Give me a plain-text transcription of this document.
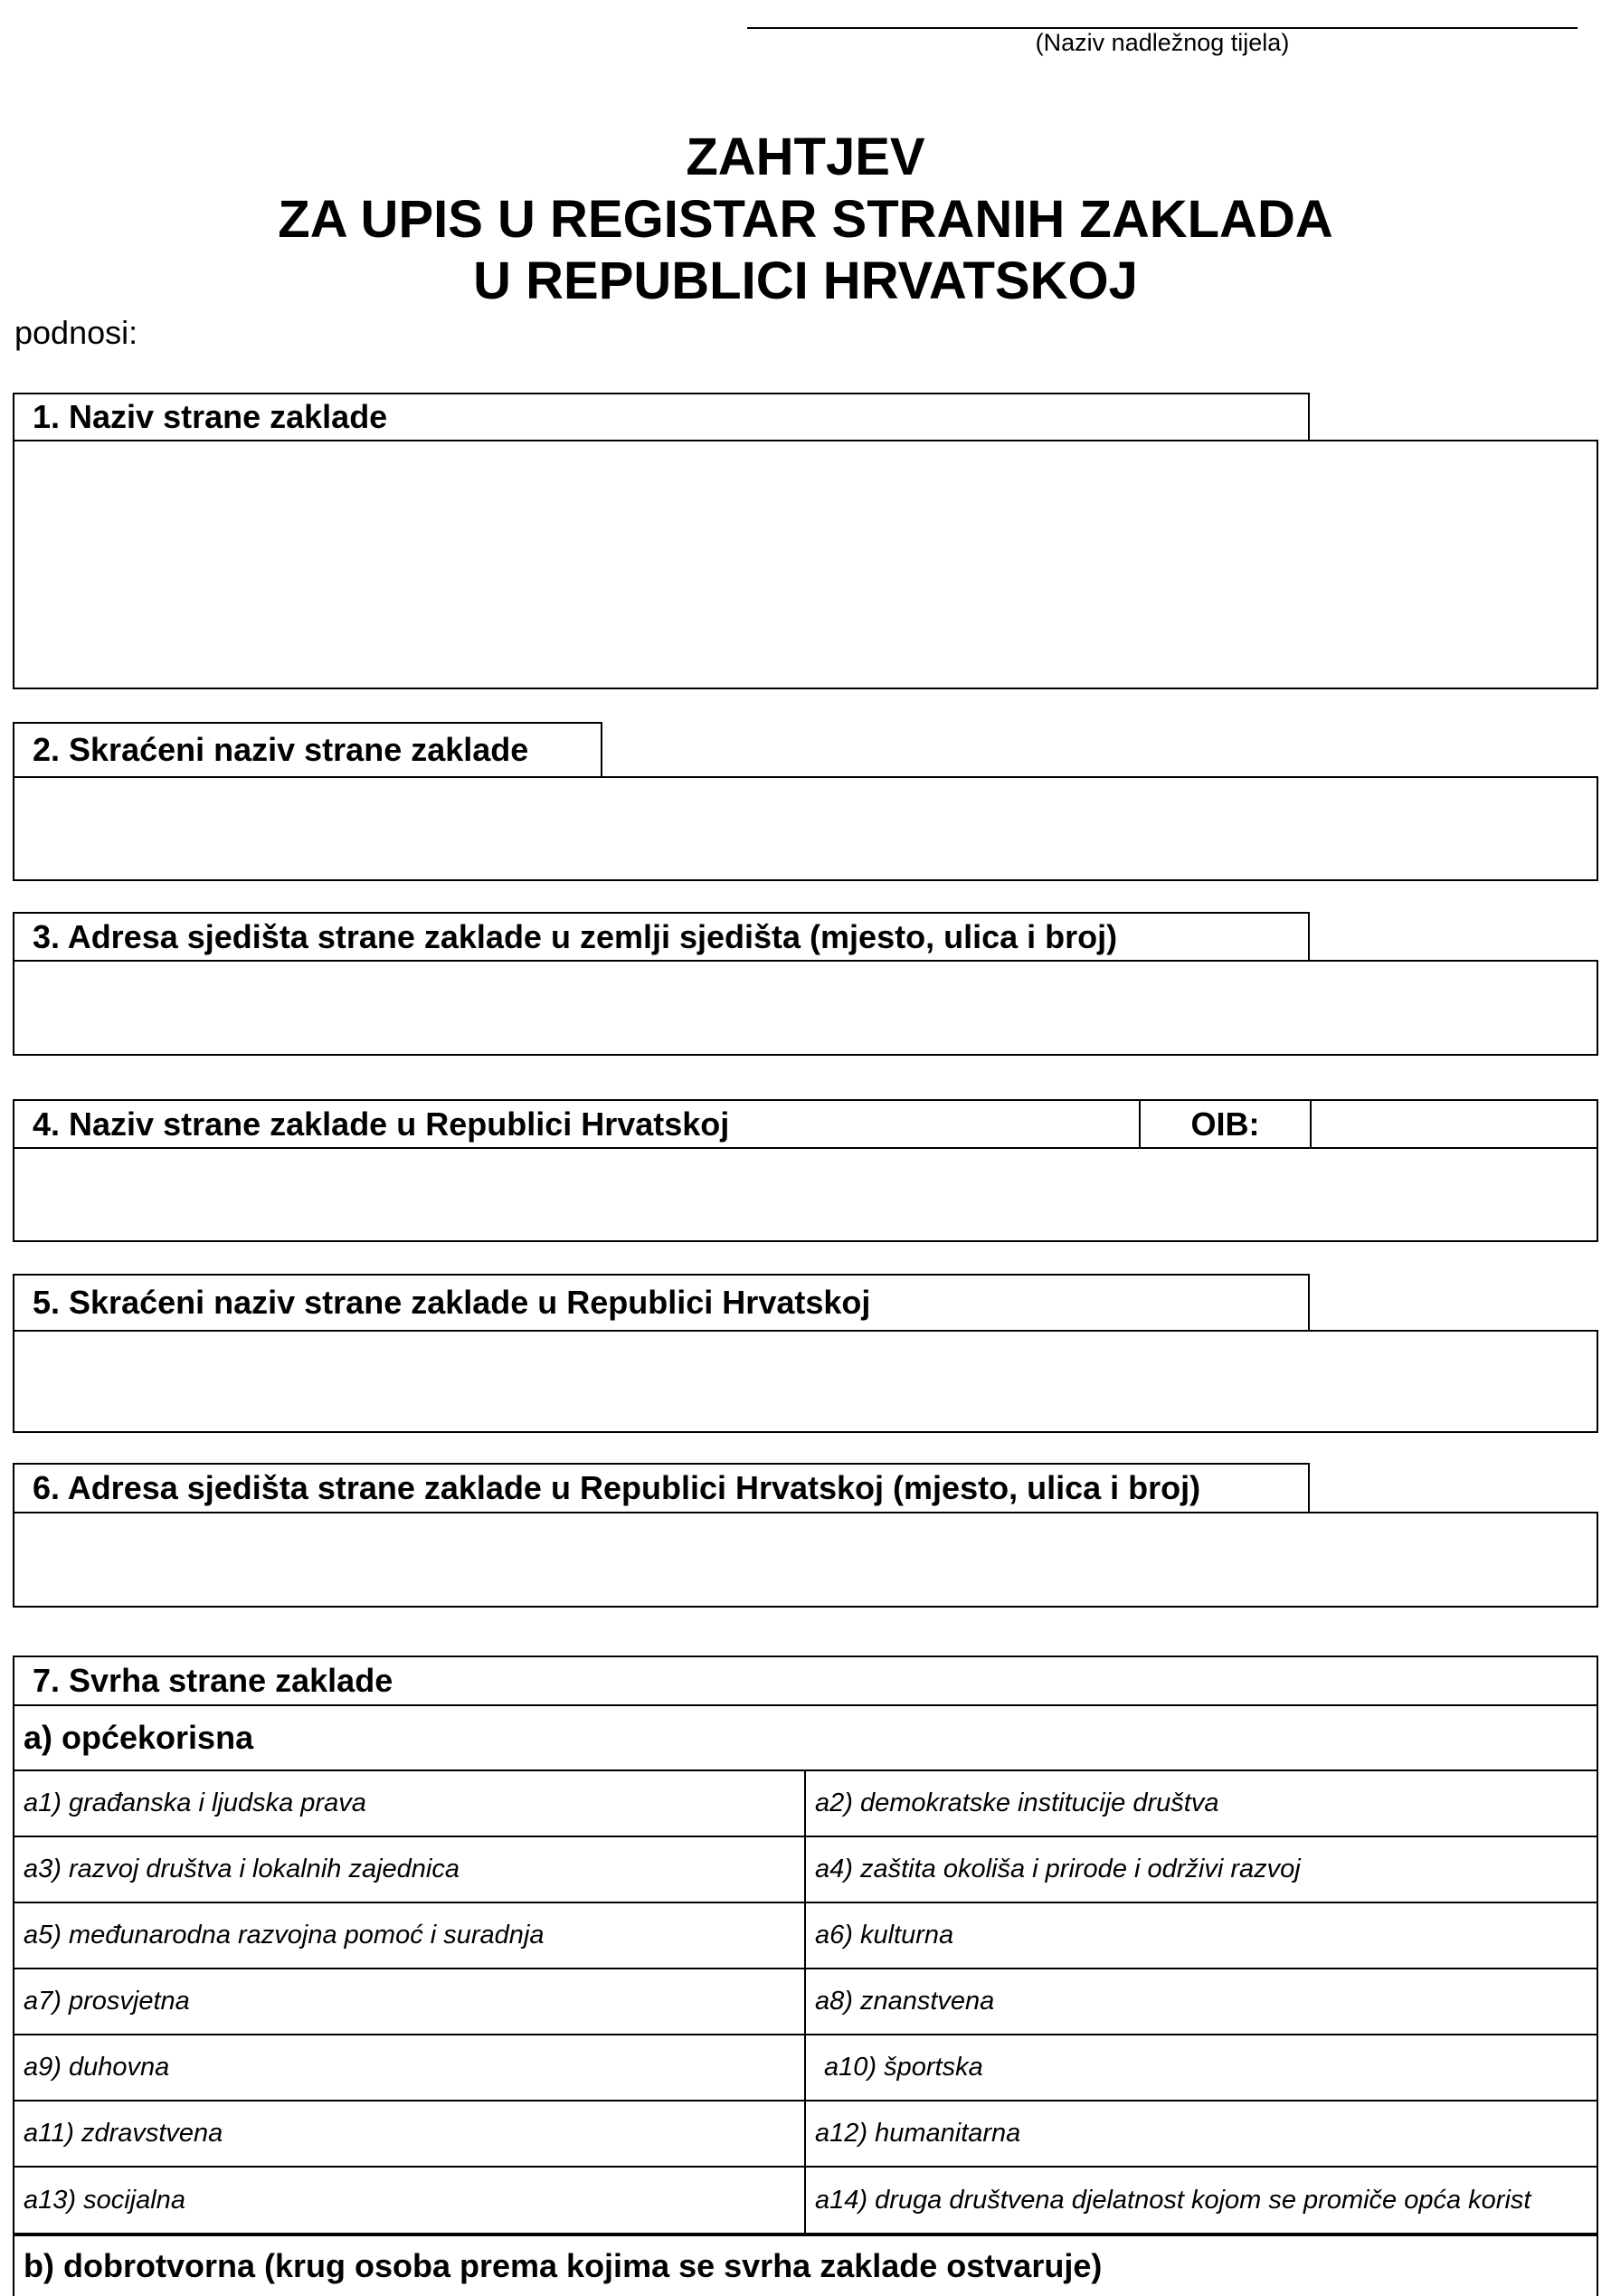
(Naziv nadležnog tijela)
ZAHTJEV
ZA UPIS U REGISTAR STRANIH ZAKLADA
U REPUBLICI HRVATSKOJ
podnosi:
1. Naziv strane zaklade
2. Skraćeni naziv strane zaklade
3. Adresa sjedišta strane zaklade u zemlji sjedišta (mjesto, ulica i broj)
4. Naziv strane zaklade u Republici Hrvatskoj	OIB:
5. Skraćeni naziv strane zaklade u Republici Hrvatskoj
6. Adresa sjedišta strane zaklade u Republici Hrvatskoj (mjesto, ulica i broj)
7. Svrha strane zaklade
a) općekorisna
a1) građanska i ljudska prava	a2) demokratske institucije društva
a3) razvoj društva i lokalnih zajednica	a4) zaštita okoliša i prirode i održivi razvoj
a5) međunarodna razvojna pomoć i suradnja	a6) kulturna
a7) prosvjetna	a8) znanstvena
a9) duhovna	a10) športska
a11) zdravstvena	a12) humanitarna
a13) socijalna	a14) druga društvena djelatnost kojom se promiče opća korist
b) dobrotvorna (krug osoba prema kojima se svrha zaklade ostvaruje)
